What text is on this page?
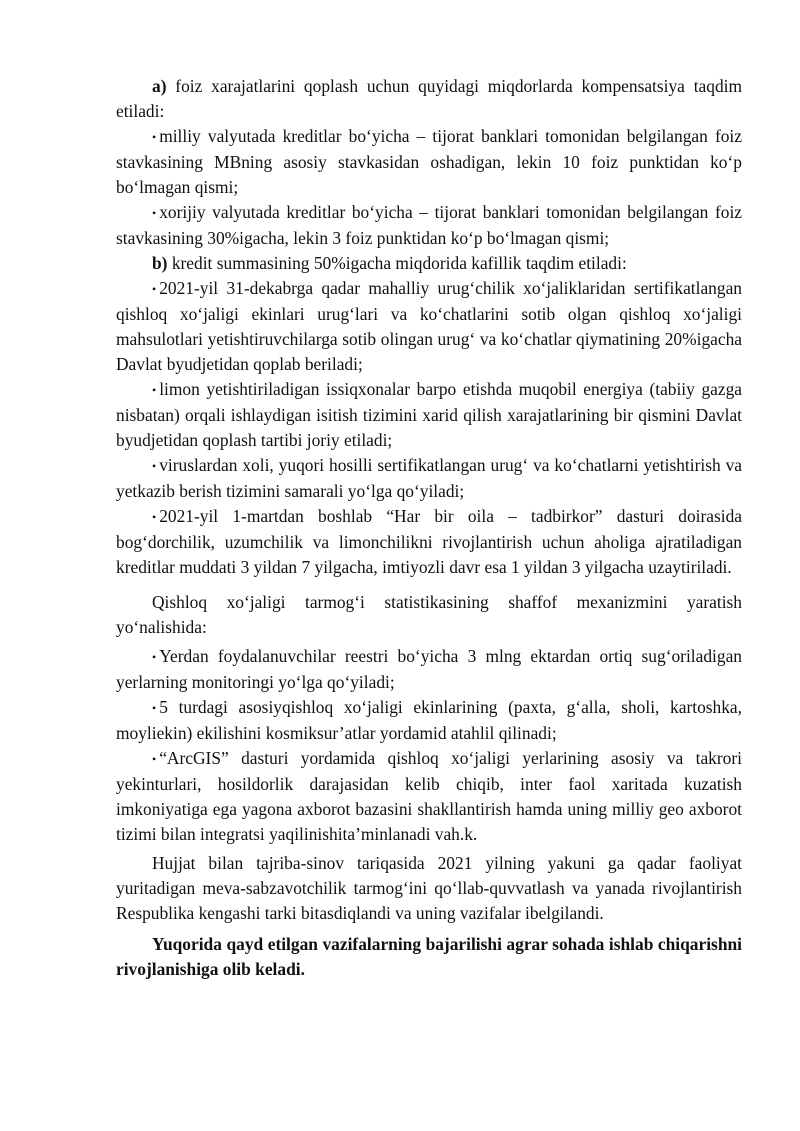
a) foiz xarajatlarini qoplash uchun quyidagi miqdorlarda kompensatsiya taqdim etiladi:

• milliy valyutada kreditlar bo‘yicha – tijorat banklari tomonidan belgilangan foiz stavkasining MBning asosiy stavkasidan oshadigan, lekin 10 foiz punktidan ko‘p bo‘lmagan qismi;

• xorijiy valyutada kreditlar bo‘yicha – tijorat banklari tomonidan belgilangan foiz stavkasining 30%igacha, lekin 3 foiz punktidan ko‘p bo‘lmagan qismi;

b) kredit summasining 50%igacha miqdorida kafillik taqdim etiladi:

• 2021-yil 31-dekabrga qadar mahalliy urug‘chilik xo‘jaliklaridan sertifikatlangan qishloq xo‘jaligi ekinlari urug‘lari va ko‘chatlarini sotib olgan qishloq xo‘jaligi mahsulotlari yetishtiruvchilarga sotib olingan urug‘ va ko‘chatlar qiymatining 20%igacha Davlat byudjetidan qoplab beriladi;

• limon yetishtiriladigan issiqxonalar barpo etishda muqobil energiya (tabiiy gazga nisbatan) orqali ishlaydigan isitish tizimini xarid qilish xarajatlarining bir qismini Davlat byudjetidan qoplash tartibi joriy etiladi;

• viruslardan xoli, yuqori hosilli sertifikatlangan urug‘ va ko‘chatlarni yetishtirish va yetkazib berish tizimini samarali yo‘lga qo‘yiladi;

• 2021-yil 1-martdan boshlab “Har bir oila – tadbirkor” dasturi doirasida bog‘dorchilik, uzumchilik va limonchilikni rivojlantirish uchun aholiga ajratiladigan kreditlar muddati 3 yildan 7 yilgacha, imtiyozli davr esa 1 yildan 3 yilgacha uzaytiriladi.

Qishloq xo‘jaligi tarmog‘i statistikasining shaffof mexanizmini yaratish yo‘nalishida:

• Yerdan foydalanuvchilar reestri bo‘yicha 3 mlng ektardan ortiq sug‘oriladigan yerlarning monitoringi yo‘lga qo‘yiladi;

• 5 turdagi asosiyqishloq xo‘jaligi ekinlarining (paxta, g‘alla, sholi, kartoshka, moyliekin) ekilishini kosmiksur’atlar yordamid atahlil qilinadi;

• “ArcGIS” dasturi yordamida qishloq xo‘jaligi yerlarining asosiy va takrori yekinturlari, hosildorlik darajasidan kelib chiqib, inter faol xaritada kuzatish imkoniyatiga ega yagona axborot bazasini shakllantirish hamda uning milliy geo axborot tizimi bilan integratsi yaqilinishita’minlanadi vah.k.

Hujjat bilan tajriba-sinov tariqasida 2021 yilning yakuni ga qadar faoliyat yuritadigan meva-sabzavotchilik tarmog‘ini qo‘llab-quvvatlash va yanada rivojlantirish Respublika kengashi tarki bitasdiqlandi va uning vazifalar ibelgilandi.

Yuqorida qayd etilgan vazifalarning bajarilishi agrar sohada ishlab chiqarishni rivojlanishiga olib keladi.
